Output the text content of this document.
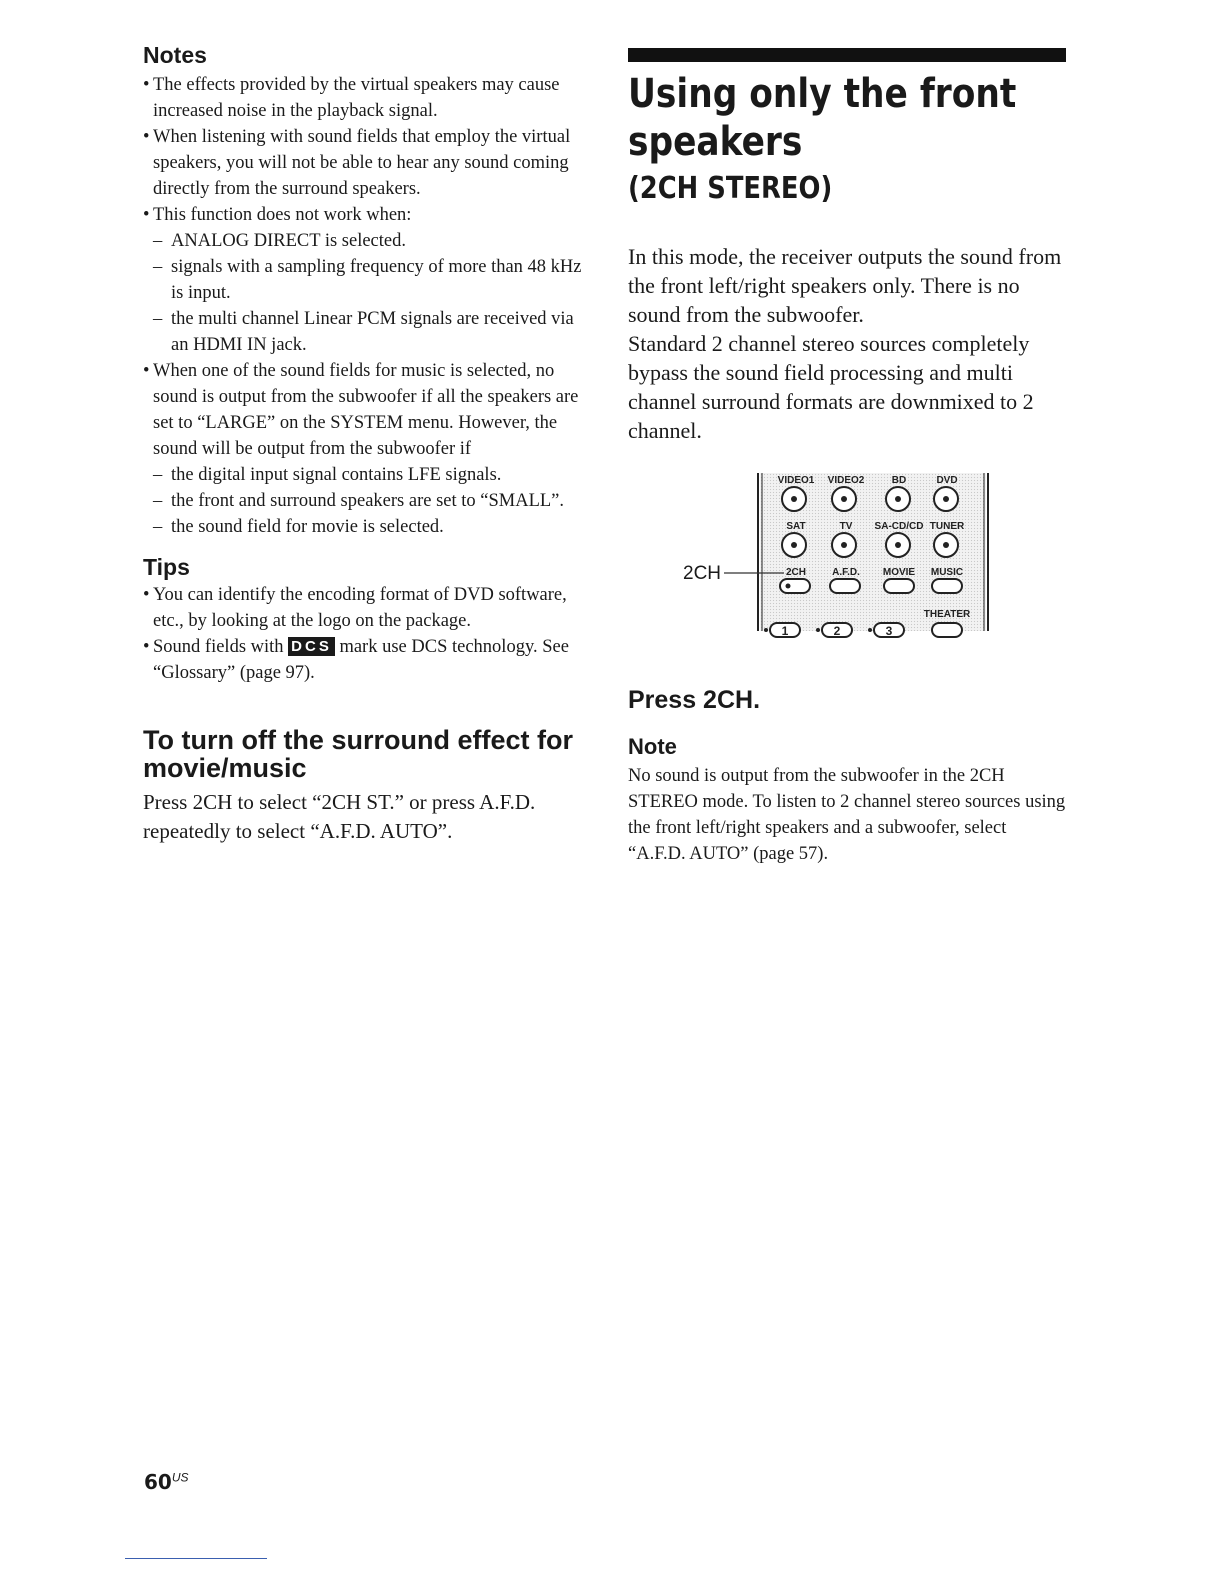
Notes

• The effects provided by the virtual speakers may cause increased noise in the playback signal.

• When listening with sound fields that employ the virtual speakers, you will not be able to hear any sound coming directly from the surround speakers.

• This function does not work when:

– ANALOG DIRECT is selected.

– signals with a sampling frequency of more than 48 kHz is input.

– the multi channel Linear PCM signals are received via an HDMI IN jack.

• When one of the sound fields for music is selected, no sound is output from the subwoofer if all the speakers are set to “LARGE” on the SYSTEM menu. However, the sound will be output from the subwoofer if

– the digital input signal contains LFE signals.

– the front and surround speakers are set to “SMALL”.

– the sound field for movie is selected.

Tips

• You can identify the encoding format of DVD software, etc., by looking at the logo on the package.

• Sound fields with DCS mark use DCS technology. See “Glossary” (page 97).

To turn off the surround effect for movie/music

Press 2CH to select “2CH ST.” or press A.F.D. repeatedly to select “A.F.D. AUTO”.

Using only the front speakers
(2CH STEREO)

In this mode, the receiver outputs the sound from the front left/right speakers only. There is no sound from the subwoofer.

Standard 2 channel stereo sources completely bypass the sound field processing and multi channel surround formats are downmixed to 2 channel.

2CH
VIDEO1 VIDEO2	BD	DVD
SAT	TV SA-CD/CD TUNER
2CH	A.F.D. MOVIE MUSIC
THEATER
1	2	3
Press 2CH.
Note

No sound is output from the subwoofer in the 2CH STEREO mode. To listen to 2 channel stereo sources using the front left/right speakers and a subwoofer, select “A.F.D. AUTO” (page 57).

$60^{US}$
